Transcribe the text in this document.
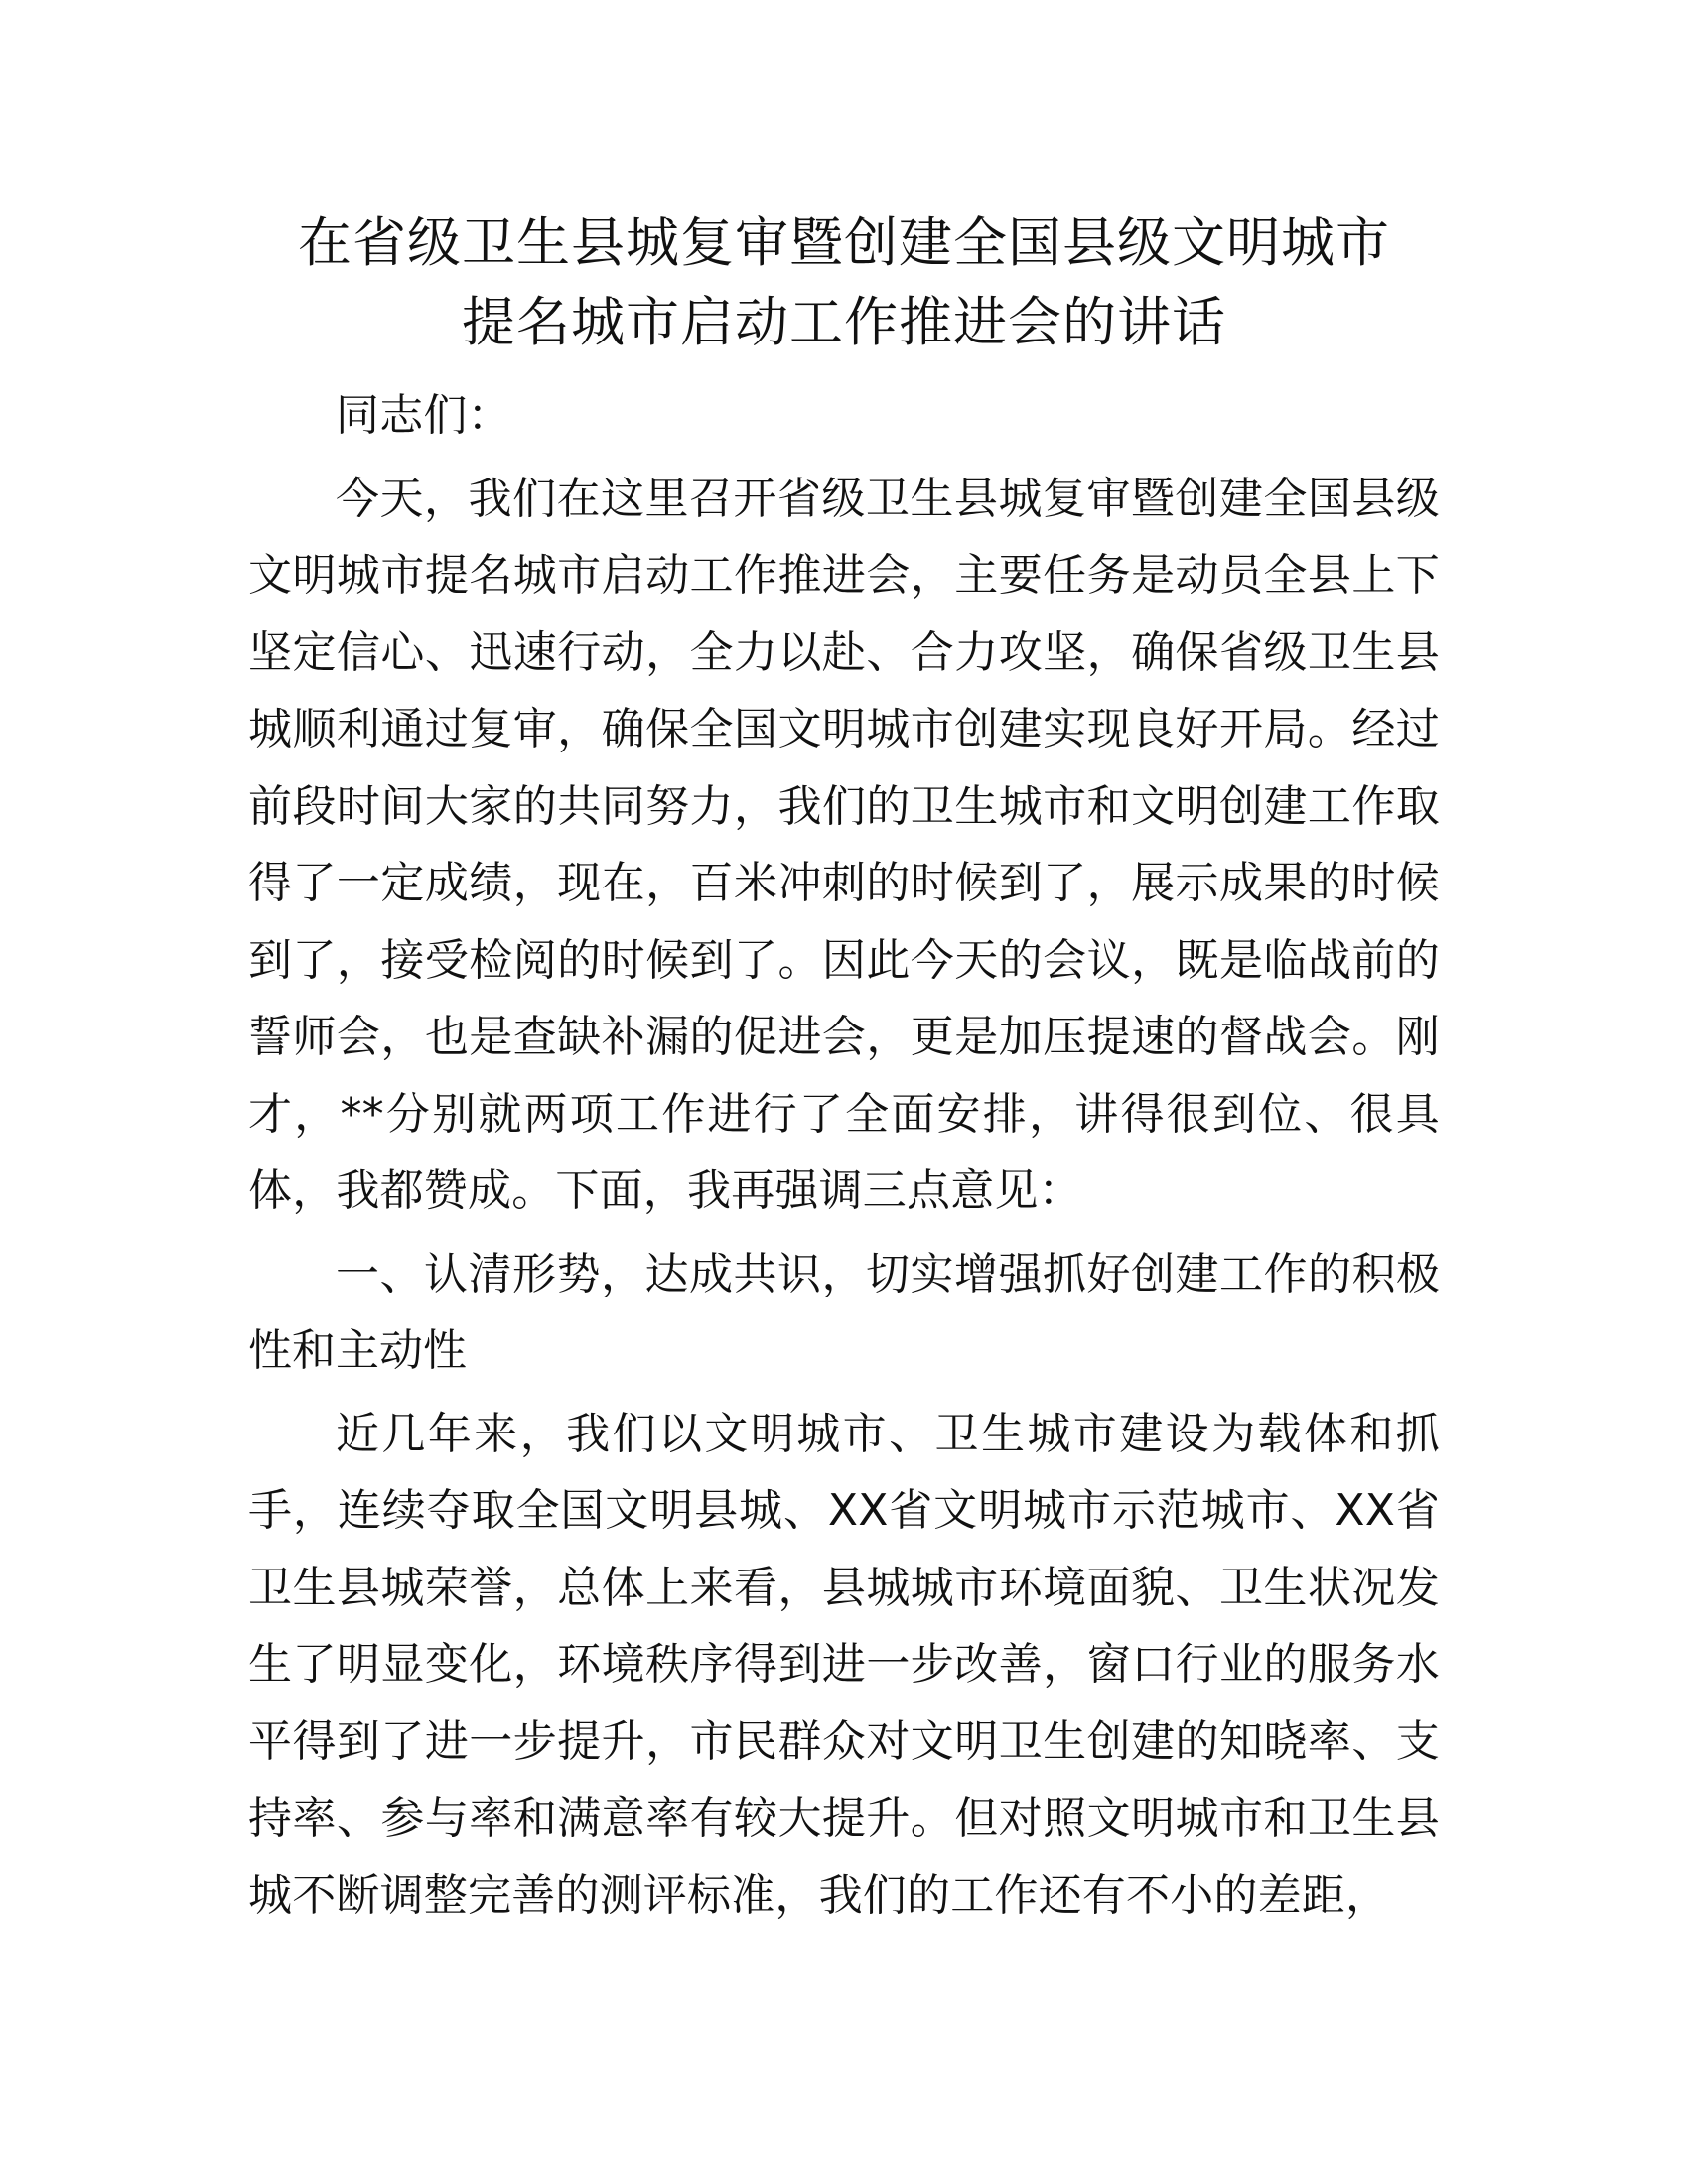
在省级卫生县城复审暨创建全国县级文明城市
提名城市启动工作推进会的讲话

同志们：

今天，我们在这里召开省级卫生县城复审暨创建全国县级文明城市提名城市启动工作推进会，主要任务是动员全县上下坚定信心、迅速行动，全力以赴、合力攻坚，确保省级卫生县城顺利通过复审，确保全国文明城市创建实现良好开局。经过前段时间大家的共同努力，我们的卫生城市和文明创建工作取得了一定成绩，现在，百米冲刺的时候到了，展示成果的时候到了，接受检阅的时候到了。因此今天的会议，既是临战前的誓师会，也是查缺补漏的促进会，更是加压提速的督战会。刚才，**分别就两项工作进行了全面安排，讲得很到位、很具体，我都赞成。下面，我再强调三点意见：

一、认清形势，达成共识，切实增强抓好创建工作的积极性和主动性

近几年来，我们以文明城市、卫生城市建设为载体和抓手，连续夺取全国文明县城、XX省文明城市示范城市、XX省卫生县城荣誉，总体上来看，县城城市环境面貌、卫生状况发生了明显变化，环境秩序得到进一步改善，窗口行业的服务水平得到了进一步提升，市民群众对文明卫生创建的知晓率、支持率、参与率和满意率有较大提升。但对照文明城市和卫生县城不断调整完善的测评标准，我们的工作还有不小的差距，
